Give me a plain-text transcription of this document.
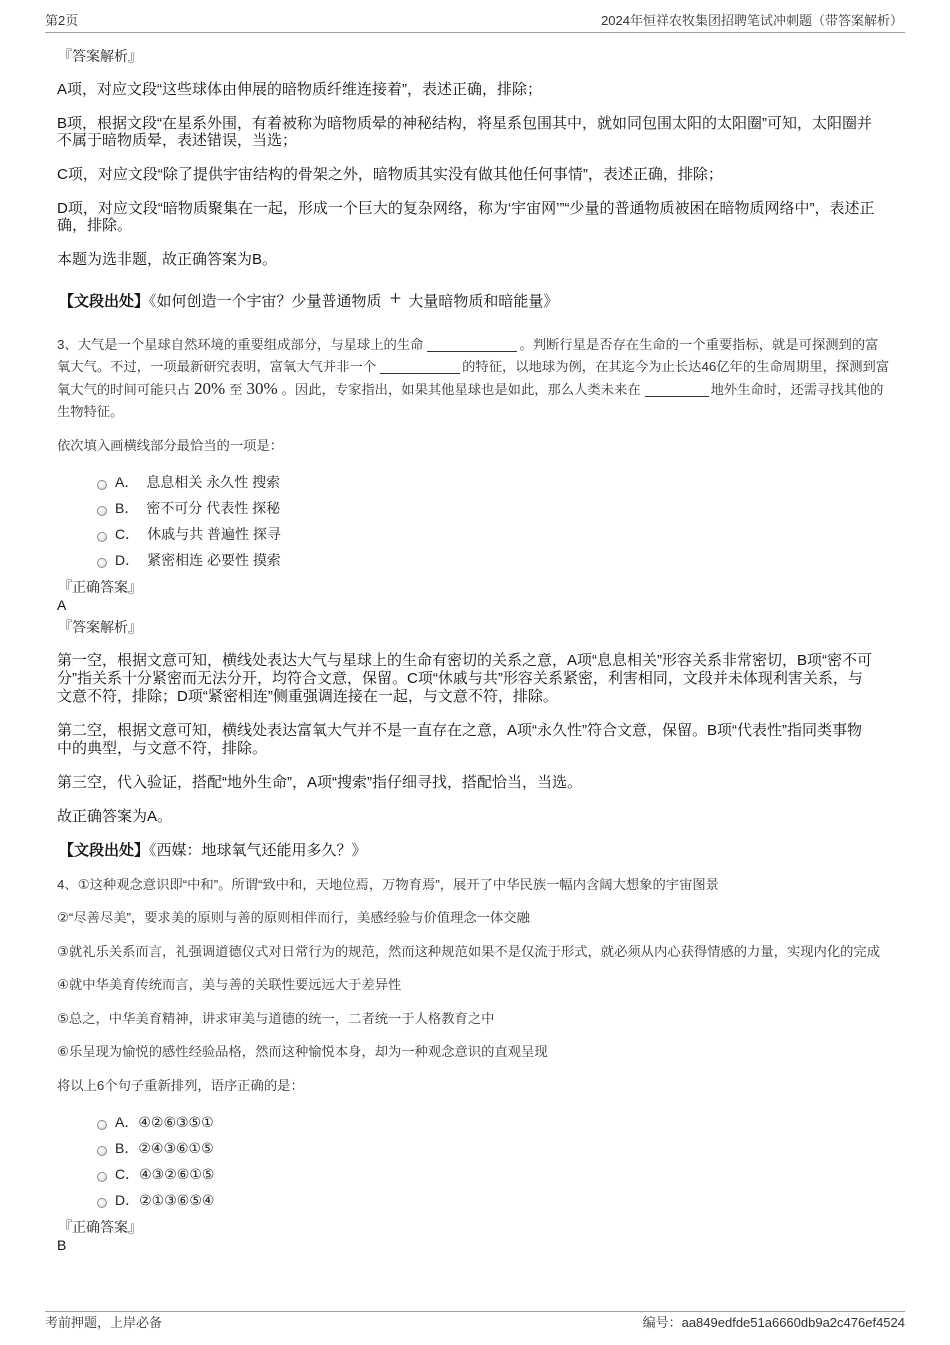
第2页	2024年恒祥农牧集团招聘笔试冲刺题（带答案解析）
『答案解析』
A项，对应文段“这些球体由伸展的暗物质纤维连接着”，表述正确，排除；
B项，根据文段“在星系外围，有着被称为暗物质晕的神秘结构，将星系包围其中，就如同包围太阳的太阳圈”可知，太阳圈并
不属于暗物质晕，表述错误，当选；
C项，对应文段“除了提供宇宙结构的骨架之外，暗物质其实没有做其他任何事情”，表述正确，排除；
D项，对应文段“暗物质聚集在一起，形成一个巨大的复杂网络，称为‘宇宙网’”“少量的普通物质被困在暗物质网络中”，表述正
确，排除。
本题为选非题，故正确答案为B。
【文段出处】《如何创造一个宇宙？少量普通物质 + 大量暗物质和暗能量》
3、大气是一个星球自然环境的重要组成部分，与星球上的生命	。判断行星是否存在生命的一个重要指标，就是可探测到的富
氧大气。不过，一项最新研究表明，富氧大气并非一个	的特征，以地球为例，在其迄今为止长达46亿年的生命周期里，探测到富
氧大气的时间可能只占 20% 至 30% 。因此，专家指出，如果其他星球也是如此，那么人类未来在	地外生命时，还需寻找其他的
生物特征。
依次填入画横线部分最恰当的一项是：
A． 息息相关 永久性 搜索
B． 密不可分 代表性 探秘
C． 休戚与共 普遍性 探寻
D． 紧密相连 必要性 摸索
『正确答案』
A
『答案解析』
第一空，根据文意可知，横线处表达大气与星球上的生命有密切的关系之意，A项“息息相关”形容关系非常密切，B项“密不可
分”指关系十分紧密而无法分开，均符合文意，保留。C项“休戚与共”形容关系紧密，利害相同，文段并未体现利害关系，与
文意不符，排除；D项“紧密相连”侧重强调连接在一起，与文意不符，排除。
第二空，根据文意可知，横线处表达富氧大气并不是一直存在之意，A项“永久性”符合文意，保留。B项“代表性”指同类事物
中的典型，与文意不符，排除。
第三空，代入验证，搭配“地外生命”，A项“搜索”指仔细寻找，搭配恰当，当选。
故正确答案为A。
【文段出处】《西媒：地球氧气还能用多久？》
4、①这种观念意识即“中和”。所谓“致中和，天地位焉，万物育焉”，展开了中华民族一幅内含阔大想象的宇宙图景
②“尽善尽美”，要求美的原则与善的原则相伴而行，美感经验与价值理念一体交融
③就礼乐关系而言，礼强调道德仪式对日常行为的规范，然而这种规范如果不是仅流于形式，就必须从内心获得情感的力量，实现内化的完成
④就中华美育传统而言，美与善的关联性要远远大于差异性
⑤总之，中华美育精神，讲求审美与道德的统一，二者统一于人格教育之中
⑥乐呈现为愉悦的感性经验品格，然而这种愉悦本身，却为一种观念意识的直观呈现
将以上6个句子重新排列，语序正确的是：
A．④②⑥③⑤①
B．②④③⑥①⑤
C．④③②⑥①⑤
D．②①③⑥⑤④
『正确答案』
B
考前押题，上岸必备	编号：aa849edfde51a6660db9a2c476ef4524
